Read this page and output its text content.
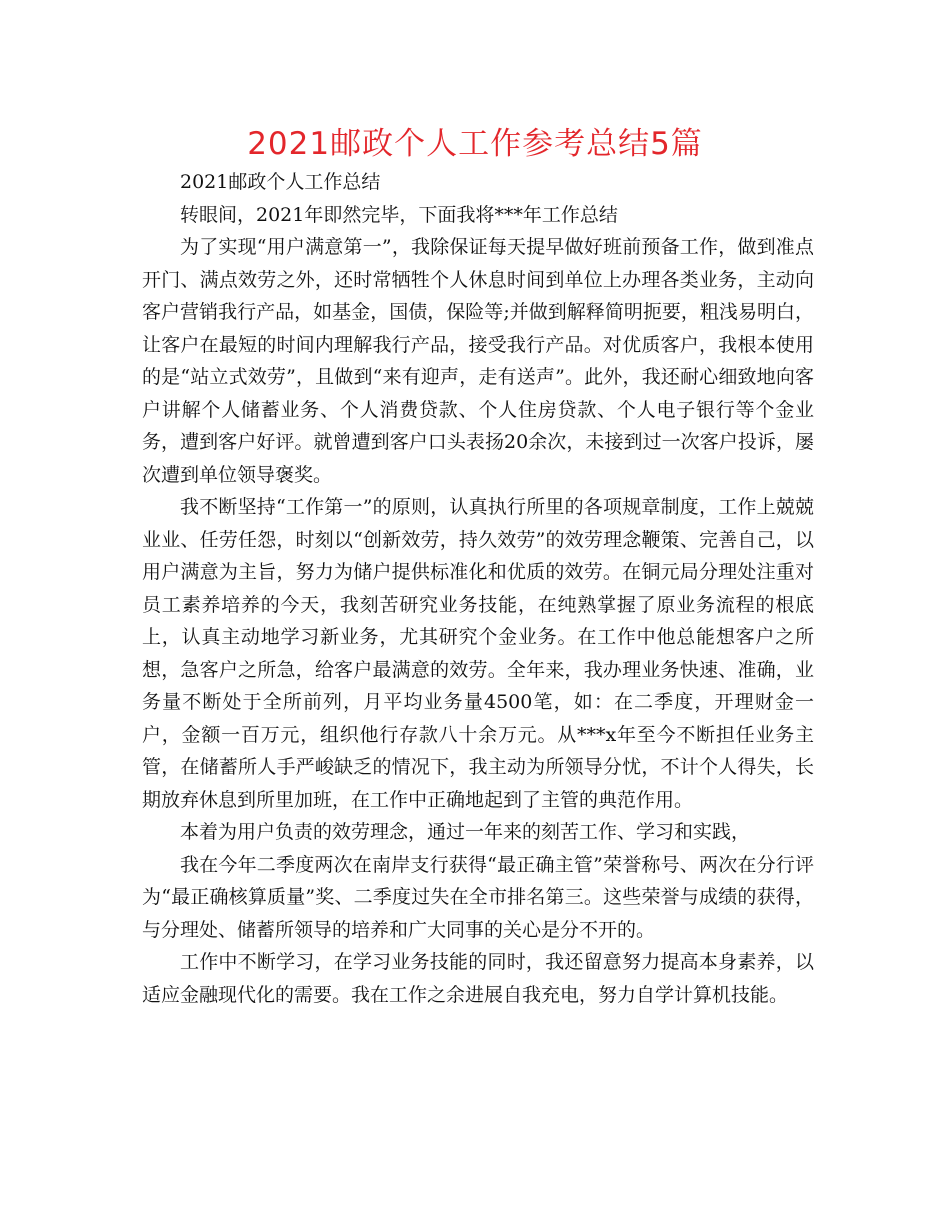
2021邮政个人工作参考总结5篇

2021邮政个人工作总结

转眼间，2021年即然完毕，下面我将***年工作总结

为了实现“用户满意第一”，我除保证每天提早做好班前预备工作，做到准点开门、满点效劳之外，还时常牺牲个人休息时间到单位上办理各类业务，主动向客户营销我行产品，如基金，国债，保险等;并做到解释简明扼要，粗浅易明白，让客户在最短的时间内理解我行产品，接受我行产品。对优质客户，我根本使用的是“站立式效劳”，且做到“来有迎声，走有送声”。此外，我还耐心细致地向客户讲解个人储蓄业务、个人消费贷款、个人住房贷款、个人电子银行等个金业务，遭到客户好评。就曾遭到客户口头表扬20余次，未接到过一次客户投诉，屡次遭到单位领导褒奖。

我不断坚持“工作第一”的原则，认真执行所里的各项规章制度，工作上兢兢业业、任劳任怨，时刻以“创新效劳，持久效劳”的效劳理念鞭策、完善自己，以用户满意为主旨，努力为储户提供标准化和优质的效劳。在铜元局分理处注重对员工素养培养的今天，我刻苦研究业务技能，在纯熟掌握了原业务流程的根底上，认真主动地学习新业务，尤其研究个金业务。在工作中他总能想客户之所想，急客户之所急，给客户最满意的效劳。全年来，我办理业务快速、准确，业务量不断处于全所前列，月平均业务量4500笔，如：在二季度，开理财金一户，金额一百万元，组织他行存款八十余万元。从***x年至今不断担任业务主管，在储蓄所人手严峻缺乏的情况下，我主动为所领导分忧，不计个人得失，长期放弃休息到所里加班，在工作中正确地起到了主管的典范作用。

本着为用户负责的效劳理念，通过一年来的刻苦工作、学习和实践，

我在今年二季度两次在南岸支行获得“最正确主管”荣誉称号、两次在分行评为“最正确核算质量”奖、二季度过失在全市排名第三。这些荣誉与成绩的获得，与分理处、储蓄所领导的培养和广大同事的关心是分不开的。

工作中不断学习，在学习业务技能的同时，我还留意努力提高本身素养，以适应金融现代化的需要。我在工作之余进展自我充电，努力自学计算机技能。
